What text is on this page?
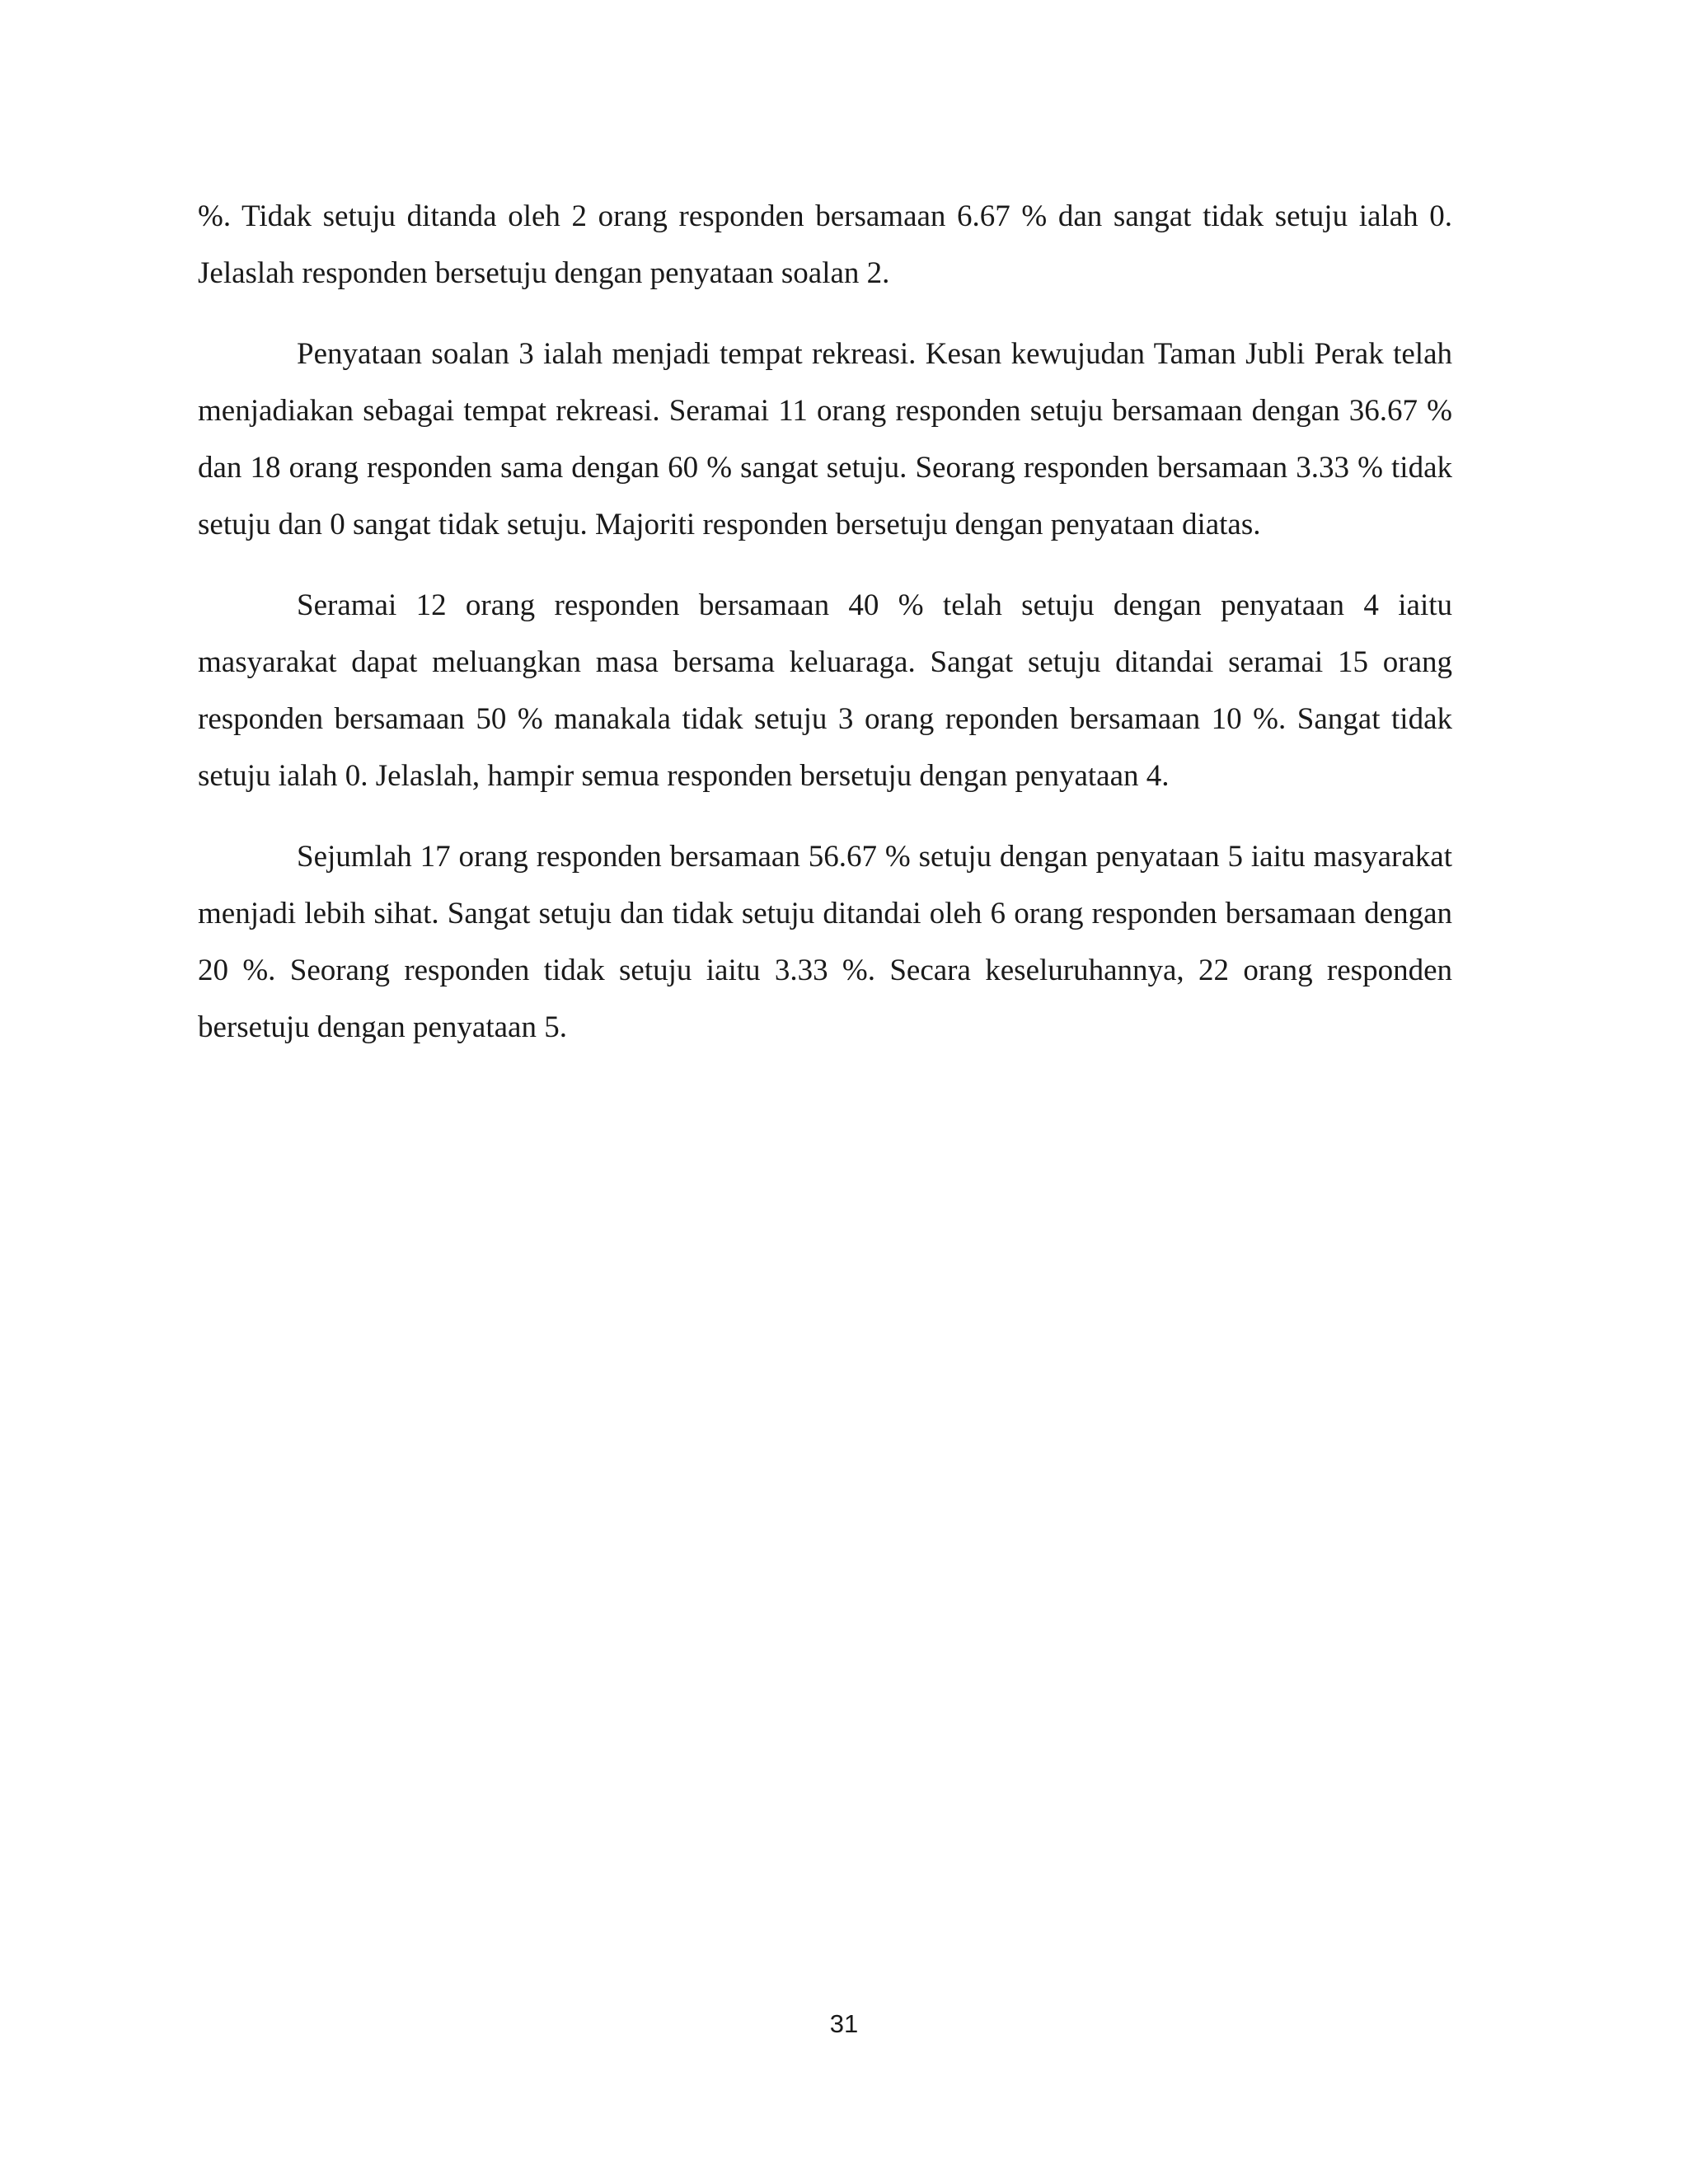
%. Tidak setuju ditanda oleh 2 orang responden bersamaan 6.67 % dan sangat tidak setuju ialah 0. Jelaslah responden bersetuju dengan penyataan soalan 2.

Penyataan soalan 3 ialah menjadi tempat rekreasi. Kesan kewujudan Taman Jubli Perak telah menjadiakan sebagai tempat rekreasi. Seramai 11 orang responden setuju bersamaan dengan 36.67 % dan 18 orang responden sama dengan 60 % sangat setuju. Seorang responden bersamaan 3.33 % tidak setuju dan 0 sangat tidak setuju. Majoriti responden bersetuju dengan penyataan diatas.

Seramai 12 orang responden bersamaan 40 % telah setuju dengan penyataan 4 iaitu masyarakat dapat meluangkan masa bersama keluaraga. Sangat setuju ditandai seramai 15 orang responden bersamaan 50 % manakala tidak setuju 3 orang reponden bersamaan 10 %. Sangat tidak setuju ialah 0. Jelaslah, hampir semua responden bersetuju dengan penyataan 4.

Sejumlah 17 orang responden bersamaan 56.67 % setuju dengan penyataan 5 iaitu masyarakat menjadi lebih sihat. Sangat setuju dan tidak setuju ditandai oleh 6 orang responden bersamaan dengan 20 %. Seorang responden tidak setuju iaitu 3.33 %. Secara keseluruhannya, 22 orang responden bersetuju dengan penyataan 5.

31
